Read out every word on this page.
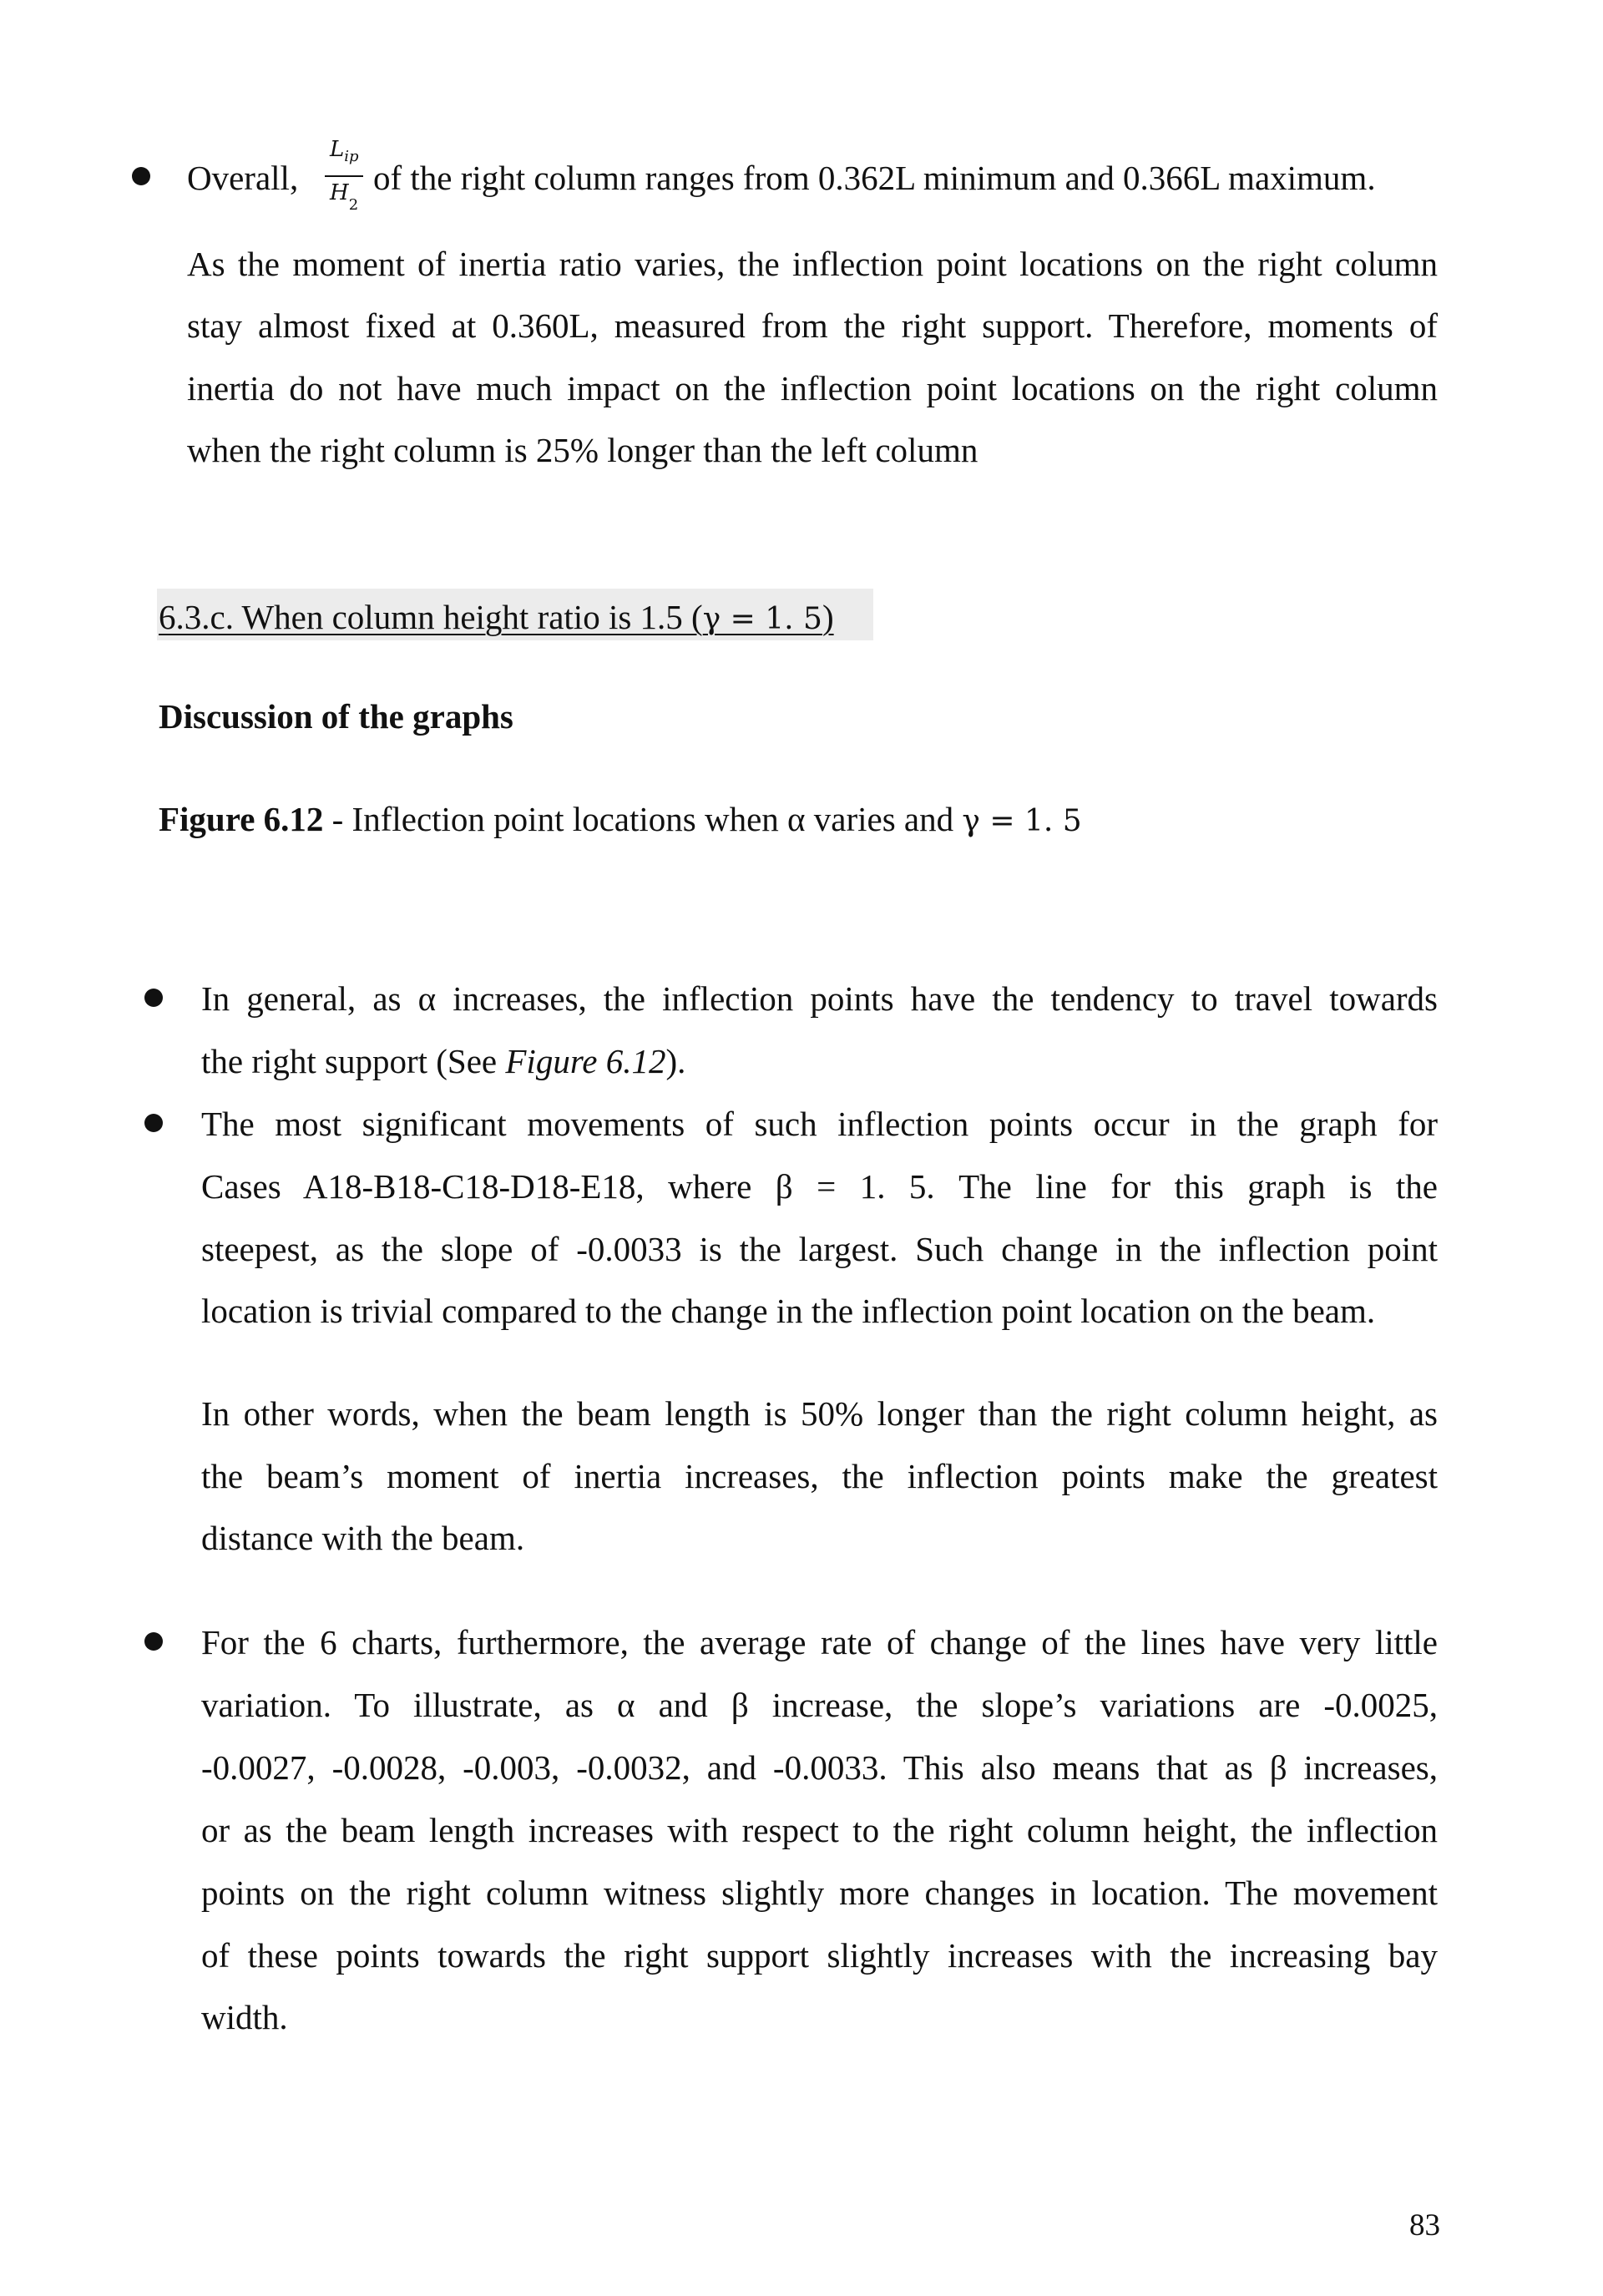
Overall,
$L_{ip}$
$H_2$
of the right column ranges from 0.362L minimum and 0.366L maximum.
As the moment of inertia ratio varies, the inflection point locations on the right column
stay almost fixed at 0.360L, measured from the right support. Therefore, moments of
inertia do not have much impact on the inflection point locations on the right column
when the right column is 25% longer than the left column
6.3.c. When column height ratio is 1.5 (γ = 1. 5)
Discussion of the graphs
Figure 6.12 - Inflection point locations when α varies and γ = 1. 5
In general, as α increases, the inflection points have the tendency to travel towards
the right support (See Figure 6.12).
The most significant movements of such inflection points occur in the graph for
Cases A18-B18-C18-D18-E18, where β = 1. 5. The line for this graph is the
steepest, as the slope of -0.0033 is the largest. Such change in the inflection point
location is trivial compared to the change in the inflection point location on the beam.
In other words, when the beam length is 50% longer than the right column height, as
the beam’s moment of inertia increases, the inflection points make the greatest
distance with the beam.
For the 6 charts, furthermore, the average rate of change of the lines have very little
variation. To illustrate, as α and β increase, the slope’s variations are -0.0025,
-0.0027, -0.0028, -0.003, -0.0032, and -0.0033. This also means that as β increases,
or as the beam length increases with respect to the right column height, the inflection
points on the right column witness slightly more changes in location. The movement
of these points towards the right support slightly increases with the increasing bay
width.
83
